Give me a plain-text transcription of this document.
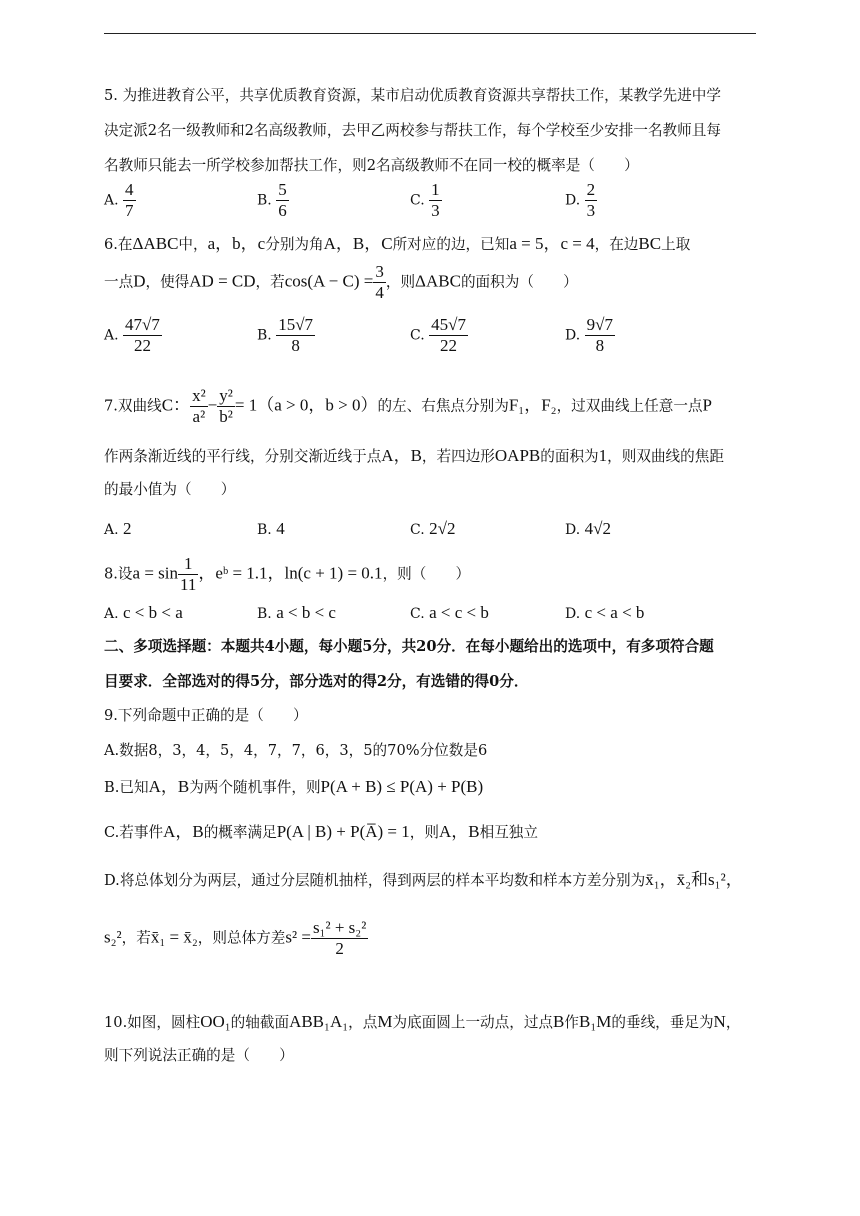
5. 为推进教育公平，共享优质教育资源，某市启动优质教育资源共享帮扶工作，某教学先进中学
决定派2名一级教师和2名高级教师，去甲乙两校参与帮扶工作，每个学校至少安排一名教师且每
名教师只能去一所学校参加帮扶工作，则2名高级教师不在同一校的概率是（　　）
A. $\frac{4}{7}$	B. $\frac{5}{6}$	C. $\frac{1}{3}$	D. $\frac{2}{3}$
6.在ΔABC中，a，b，c分别为角A，B，C所对应的边，已知a = 5，c = 4，在边BC上取
一点D，使得AD = CD，若$\cos(A - C) = \frac{3}{4}$ ，则ΔABC的面积为（　　）
A. $\frac{47√7}{22}$	B. $\frac{15√7}{8}$	C. $\frac{45√7}{22}$	D. $\frac{9√7}{8}$
7.双曲线C： $\frac{\text{x²}}{\text{a²}} - \frac{\text{y²}}{\text{b²}} = 1(a > 0$，b > 0）的左、右焦点分别为F₁，F₂，过双曲线上任意一点P
作两条渐近线的平行线，分别交渐近线于点A，B，若四边形OAPB的面积为1，则双曲线的焦距
的最小值为（　　）
A. 2	B. 4	C. 2√2	D. 4√2
8.设$a = \sin \frac{1}{11}$ ，eᵇ = 1.1，ln(c + 1) = 0.1，则（　　）
A. c < b < a	B. a < b < c	C. a < c < b	D. c < a < b
二、多项选择题：本题共4小题，每小题5分，共20分．在每小题给出的选项中，有多项符合题
目要求．全部选对的得5分，部分选对的得2分，有选错的得0分．
9.下列命题中正确的是（　　）
A.数据8，3，4，5，4，7，7，6，3，5的70%分位数是6
B.已知A，B为两个随机事件，则P(A + B) ≤ P(A) + P(B)
C.若事件A，B的概率满足P(A | B) + P(A̅) = 1，则A，B相互独立
D.将总体划分为两层，通过分层随机抽样，得到两层的样本平均数和样本方差分别为x̄₁，x̄₂和s₁²，
s₂²，若x̄₁ = x̄₂，则总体方差$s^2 = \frac{\text{s₁² + s₂²}}{2}$
10.如图，圆柱OO₁的轴截面ABB₁A₁，点M为底面圆上一动点，过点B作B₁M的垂线，垂足为N，
则下列说法正确的是（　　）
